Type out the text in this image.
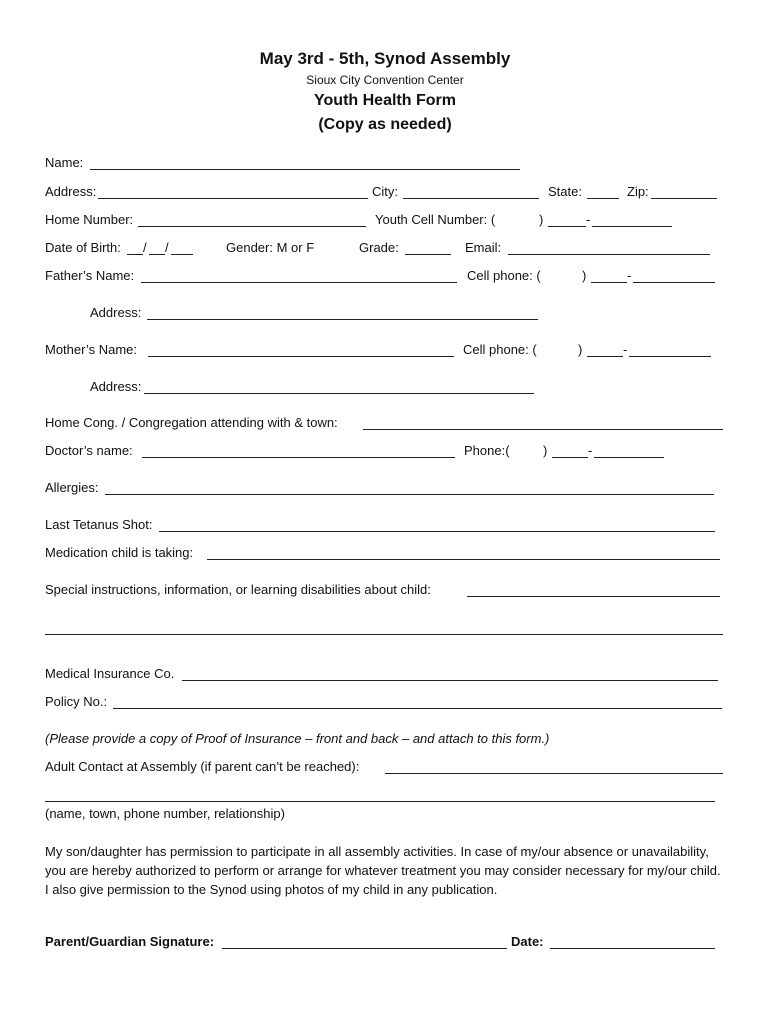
May 3rd - 5th, Synod Assembly
Sioux City Convention Center
Youth Health Form
(Copy as needed)
Name:
Address:	City:	State:	Zip:
Home Number:	Youth Cell Number: (	)	-
Date of Birth: / /	Gender: M or F	Grade:	Email:
Father’s Name:	Cell phone: (	)	-
Address:
Mother’s Name:	Cell phone: (	)	-
Address:
Home Cong. / Congregation attending with & town:
Doctor’s name:	Phone:(	)	-
Allergies:
Last Tetanus Shot:
Medication child is taking:
Special instructions, information, or learning disabilities about child:
Medical Insurance Co.
Policy No.:
(Please provide a copy of Proof of Insurance – front and back – and attach to this form.)
Adult Contact at Assembly (if parent can’t be reached):
(name, town, phone number, relationship)
My son/daughter has permission to participate in all assembly activities. In case of my/our absence or unavailability, you are hereby authorized to perform or arrange for whatever treatment you may consider necessary for my/our child. I also give permission to the Synod using photos of my child in any publication.
Parent/Guardian Signature:	Date:
